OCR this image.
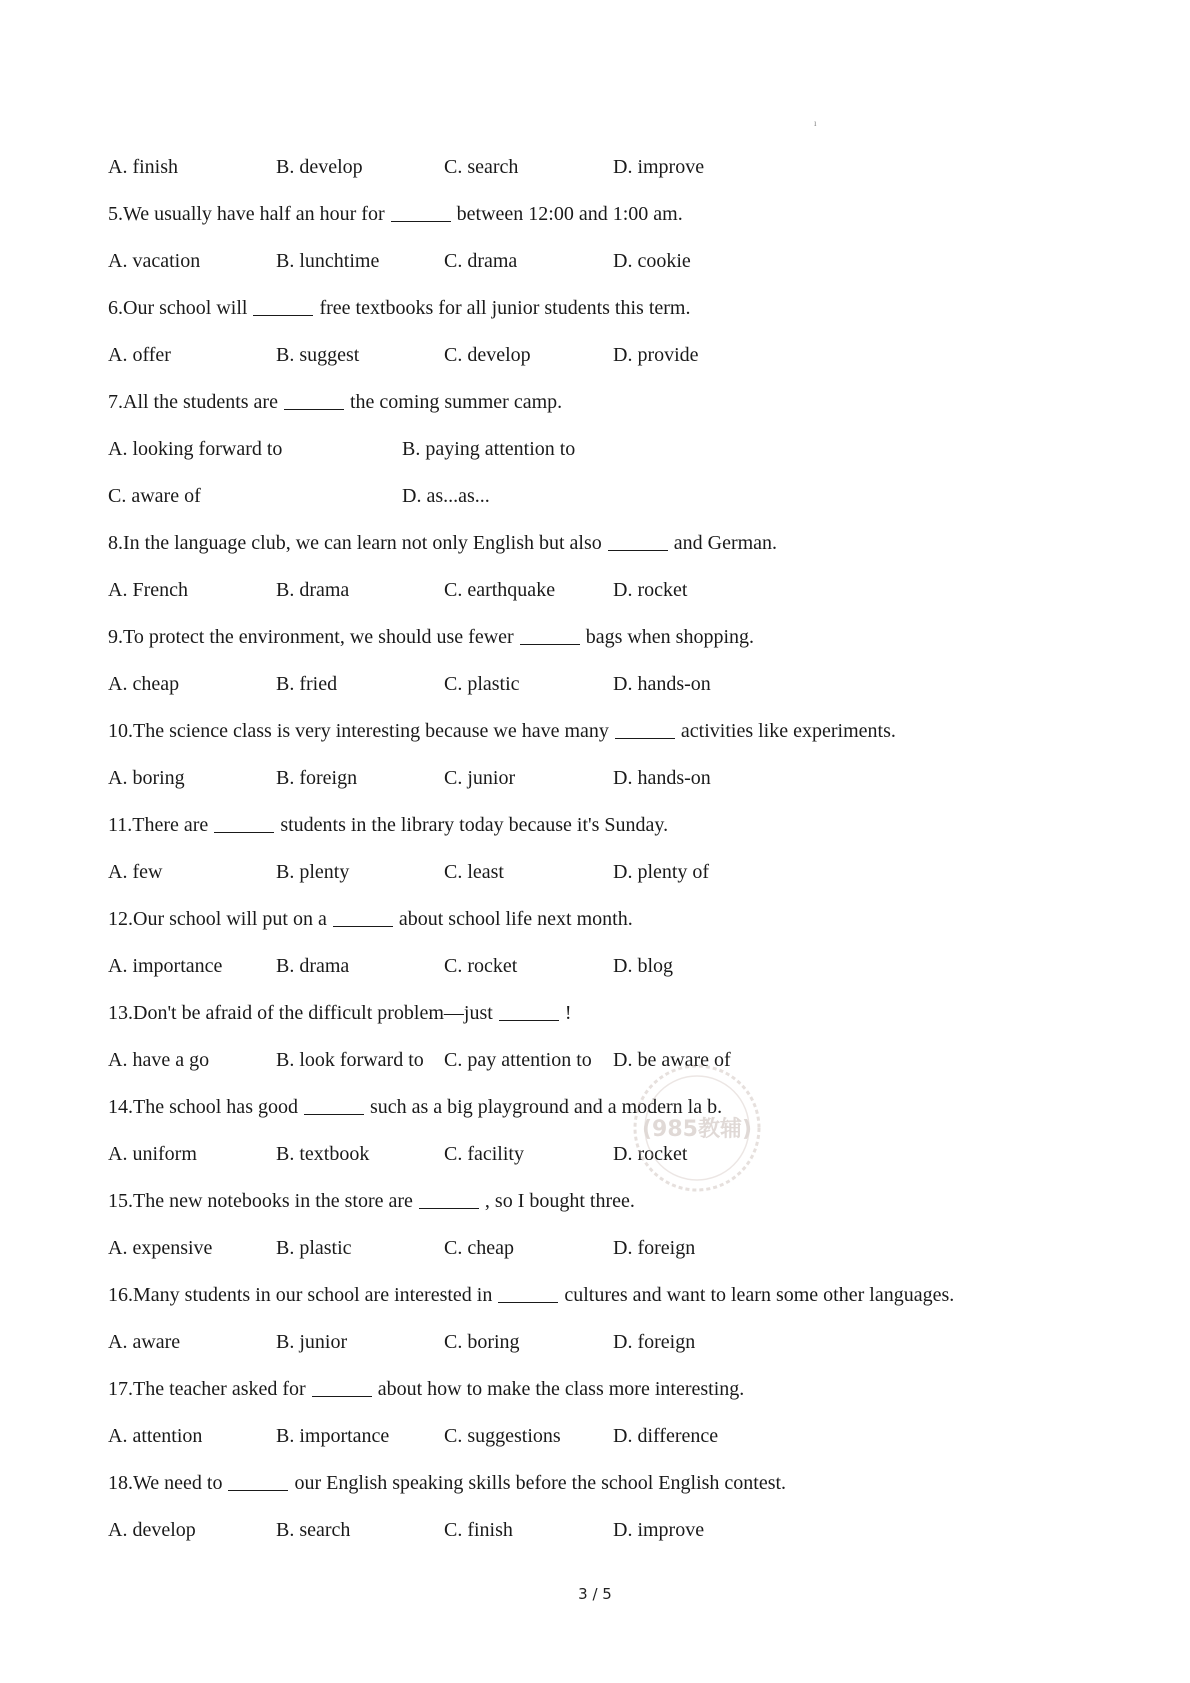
ı
A. finish	B. develop	C. search	D. improve
5.We usually have half an hour for	between 12:00 and 1:00 am.
A. vacation	B. lunchtime	C. drama	D. cookie
6.Our school will	free textbooks for all junior students this term.
A. offer	B. suggest	C. develop	D. provide
7.All the students are	the coming summer camp.
A. looking forward to	B. paying attention to
C. aware of	D. as...as...
8.In the language club, we can learn not only English but also	and German.
A. French	B. drama	C. earthquake	D. rocket
9.To protect the environment, we should use fewer	bags when shopping.
A. cheap	B. fried	C. plastic	D. hands-on
10.The science class is very interesting because we have many	activities like experiments.
A. boring	B. foreign	C. junior	D. hands-on
11.There are	students in the library today because it's Sunday.
A. few	B. plenty	C. least	D. plenty of
12.Our school will put on a	about school life next month.
A. importance	B. drama	C. rocket	D. blog
13.Don't be afraid of the difficult problem—just	!
A. have a go	B. look forward to C. pay attention to D. be aware of
14.The school has good	such as a big playground and a modern la b.
A. uniform	B. textbook	C. facility	D. rocket
15.The new notebooks in the store are	, so I bought three.
A. expensive	B. plastic	C. cheap	D. foreign
16.Many students in our school are interested in	cultures and want to learn some other languages.
A. aware	B. junior	C. boring	D. foreign
17.The teacher asked for	about how to make the class more interesting.
A. attention	B. importance	C. suggestions	D. difference
18.We need to	our English speaking skills before the school English contest.
A. develop	B. search	C. finish	D. improve
(985教辅)
3 / 5
